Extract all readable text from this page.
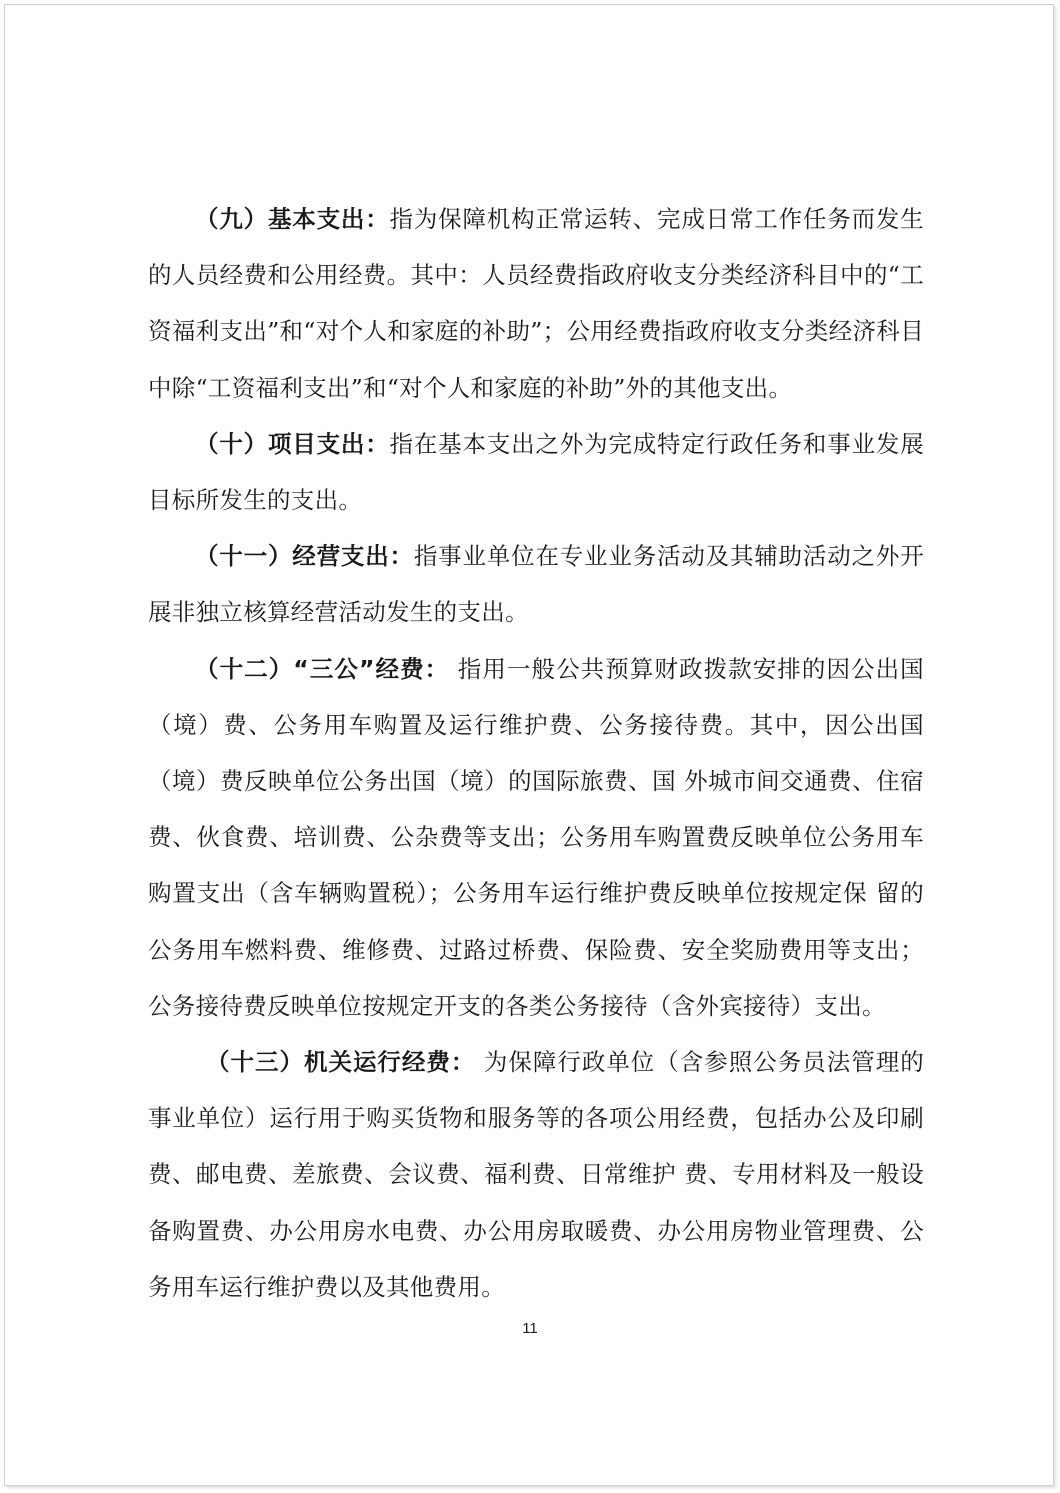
（九）基本支出：指为保障机构正常运转、完成日常工作任务而发生的人员经费和公用经费。其中：人员经费指政府收支分类经济科目中的“工资福利支出”和“对个人和家庭的补助”；公用经费指政府收支分类经济科目中除“工资福利支出”和“对个人和家庭的补助”外的其他支出。

（十）项目支出：指在基本支出之外为完成特定行政任务和事业发展目标所发生的支出。

（十一）经营支出：指事业单位在专业业务活动及其辅助活动之外开展非独立核算经营活动发生的支出。

（十二）“三公”经费： 指用一般公共预算财政拨款安排的因公出国（境）费、公务用车购置及运行维护费、公务接待费。其中，因公出国（境）费反映单位公务出国（境）的国际旅费、国 外城市间交通费、住宿费、伙食费、培训费、公杂费等支出；公务用车购置费反映单位公务用车购置支出（含车辆购置税）；公务用车运行维护费反映单位按规定保 留的公务用车燃料费、维修费、过路过桥费、保险费、安全奖励费用等支出；公务接待费反映单位按规定开支的各类公务接待（含外宾接待）支出。

（十三）机关运行经费： 为保障行政单位（含参照公务员法管理的事业单位）运行用于购买货物和服务等的各项公用经费，包括办公及印刷费、邮电费、差旅费、会议费、福利费、日常维护 费、专用材料及一般设备购置费、办公用房水电费、办公用房取暖费、办公用房物业管理费、公务用车运行维护费以及其他费用。

11
